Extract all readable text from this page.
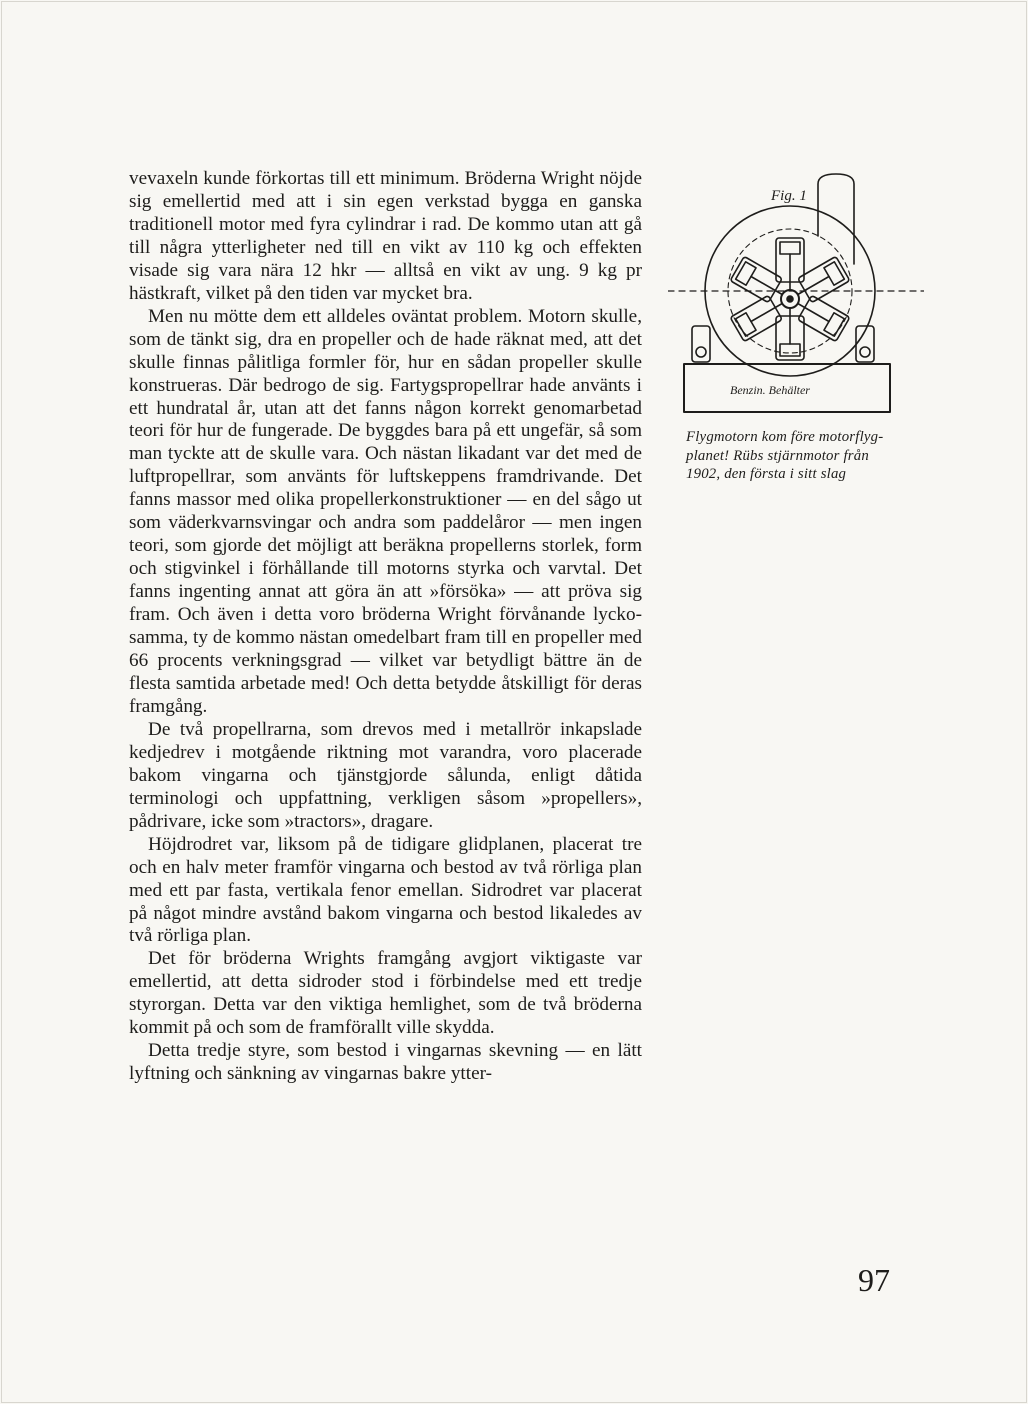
vevaxeln kunde förkortas till ett minimum. Bröderna Wright nöjde sig emellertid med att i sin egen verkstad bygga en ganska traditionell motor med fyra cylindrar i rad. De kommo utan att gå till några ytterligheter ned till en vikt av 110 kg och effekten visade sig vara nära 12 hkr — alltså en vikt av ung. 9 kg pr hästkraft, vilket på den tiden var mycket bra.

Men nu mötte dem ett alldeles oväntat problem. Motorn skulle, som de tänkt sig, dra en propeller och de hade räknat med, att det skulle finnas pålitliga formler för, hur en sådan propeller skulle konstrueras. Där bedrogo de sig. Fartygspropellrar hade använts i ett hundratal år, utan att det fanns någon korrekt genomarbetad teori för hur de fungerade. De byggdes bara på ett ungefär, så som man tyckte att de skulle vara. Och nästan likadant var det med de luftpropellrar, som använts för luftskeppens framdrivande. Det fanns massor med olika propellerkonstruktioner — en del sågo ut som väderkvarnsvingar och andra som paddelåror — men ingen teori, som gjorde det möjligt att beräkna propellerns storlek, form och stigvinkel i förhållande till motorns styrka och varvtal. Det fanns ingenting annat att göra än att »försöka» — att pröva sig fram. Och även i detta voro bröderna Wright förvånande lyckosamma, ty de kommo nästan omedelbart fram till en propeller med 66 procents verkningsgrad — vilket var betydligt bättre än de flesta samtida arbetade med! Och detta betydde åtskilligt för deras framgång.

De två propellrarna, som drevos med i metallrör inkapslade kedjedrev i motgående riktning mot varandra, voro placerade bakom vingarna och tjänstgjorde sålunda, enligt dåtida terminologi och uppfattning, verkligen såsom »propellers», pådrivare, icke som »tractors», dragare.

Höjdrodret var, liksom på de tidigare glidplanen, placerat tre och en halv meter framför vingarna och bestod av två rörliga plan med ett par fasta, vertikala fenor emellan. Sidrodret var placerat på något mindre avstånd bakom vingarna och bestod likaledes av två rörliga plan.

Det för bröderna Wrights framgång avgjort viktigaste var emellertid, att detta sidroder stod i förbindelse med ett tredje styrorgan. Detta var den viktiga hemlighet, som de två bröderna kommit på och som de framförallt ville skydda.

Detta tredje styre, som bestod i vingarnas skevning — en lätt lyftning och sänkning av vingarnas bakre ytter-

Fig. 1
Benzin. Behälter
Flygmotorn kom före motorflygplanet! Rübs stjärnmotor från 1902, den första i sitt slag
97
